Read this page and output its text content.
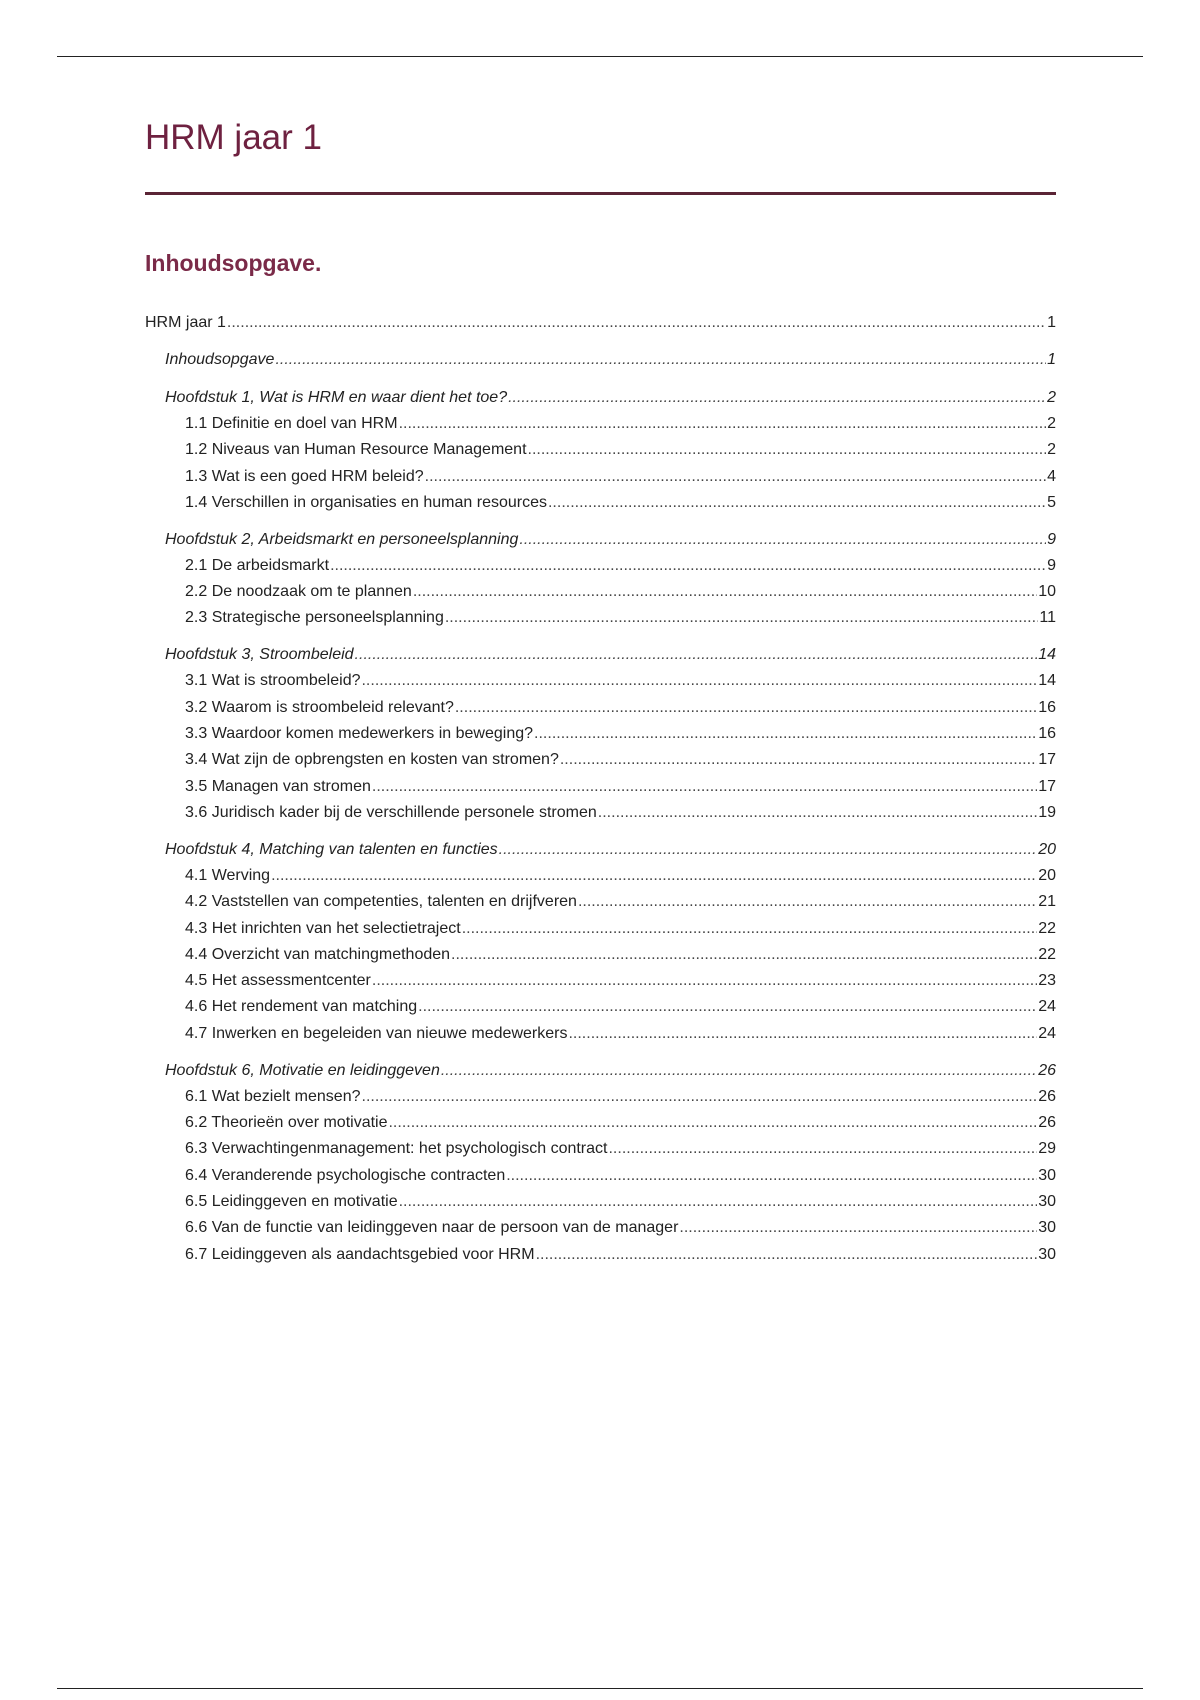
HRM jaar 1
Inhoudsopgave.
HRM jaar 1 .....	1
Inhoudsopgave .....	1
Hoofdstuk 1, Wat is HRM en waar dient het toe? .....	2
1.1 Definitie en doel van HRM .....	2
1.2 Niveaus van Human Resource Management .....	2
1.3 Wat is een goed HRM beleid? .....	4
1.4 Verschillen in organisaties en human resources .....	5
Hoofdstuk 2, Arbeidsmarkt en personeelsplanning .....	9
2.1 De arbeidsmarkt .....	9
2.2 De noodzaak om te plannen .....	10
2.3 Strategische personeelsplanning .....	11
Hoofdstuk 3, Stroombeleid .....	14
3.1 Wat is stroombeleid? .....	14
3.2 Waarom is stroombeleid relevant? .....	16
3.3 Waardoor komen medewerkers in beweging? .....	16
3.4 Wat zijn de opbrengsten en kosten van stromen? .....	17
3.5 Managen van stromen .....	17
3.6 Juridisch kader bij de verschillende personele stromen .....	19
Hoofdstuk 4, Matching van talenten en functies .....	20
4.1 Werving .....	20
4.2 Vaststellen van competenties, talenten en drijfveren .....	21
4.3 Het inrichten van het selectietraject .....	22
4.4 Overzicht van matchingmethoden .....	22
4.5 Het assessmentcenter .....	23
4.6 Het rendement van matching .....	24
4.7 Inwerken en begeleiden van nieuwe medewerkers .....	24
Hoofdstuk 6, Motivatie en leidinggeven .....	26
6.1 Wat bezielt mensen? .....	26
6.2 Theorieën over motivatie .....	26
6.3 Verwachtingenmanagement: het psychologisch contract .....	29
6.4 Veranderende psychologische contracten .....	30
6.5 Leidinggeven en motivatie .....	30
6.6 Van de functie van leidinggeven naar de persoon van de manager .....	30
6.7 Leidinggeven als aandachtsgebied voor HRM .....	30
